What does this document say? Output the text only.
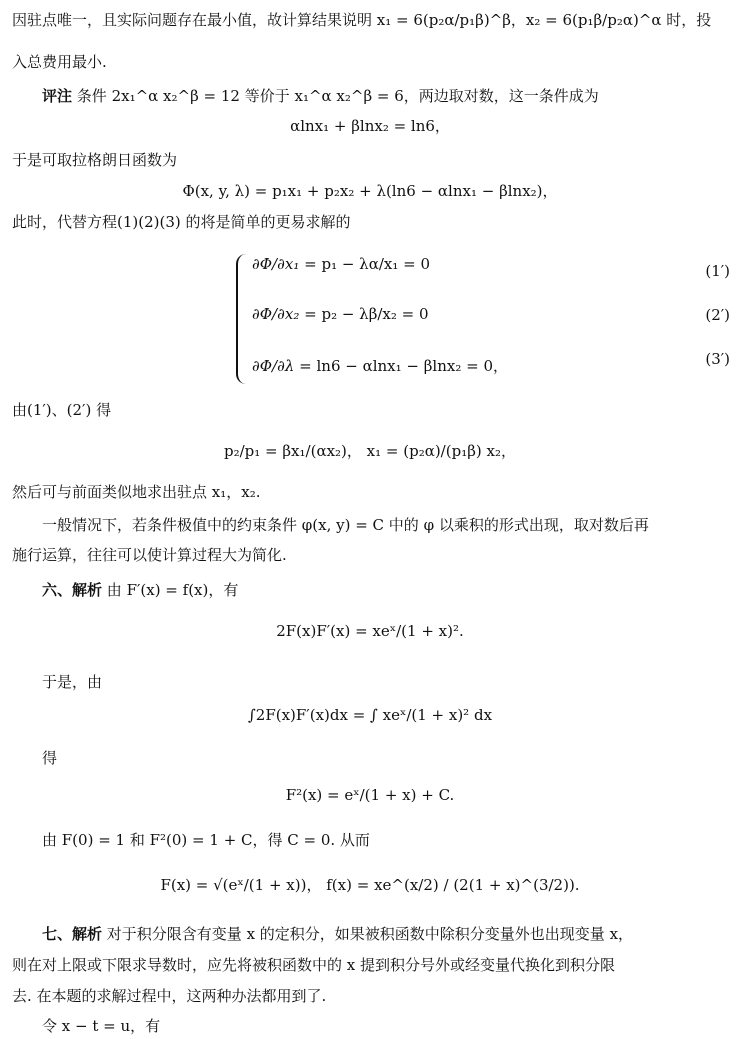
因驻点唯一，且实际问题存在最小值，故计算结果说明 x₁ = 6(p₂α/p₁β)^β，x₂ = 6(p₁β/p₂α)^α 时，投
入总费用最小.
评注 条件 2x₁^α x₂^β = 12 等价于 x₁^α x₂^β = 6，两边取对数，这一条件成为
αlnx₁ + βlnx₂ = ln6，
于是可取拉格朗日函数为
Φ(x, y, λ) = p₁x₁ + p₂x₂ + λ(ln6 − αlnx₁ − βlnx₂)，
此时，代替方程(1)(2)(3) 的将是简单的更易求解的
∂Φ/∂x₁ = p₁ − λα/x₁ = 0	(1′)
∂Φ/∂x₂ = p₂ − λβ/x₂ = 0	(2′)
∂Φ/∂λ = ln6 − αlnx₁ − βlnx₂ = 0，	(3′)
由(1′)、(2′) 得
p₂/p₁ = βx₁/(αx₂)， x₁ = (p₂α)/(p₁β) x₂，
然后可与前面类似地求出驻点 x₁，x₂.
一般情况下，若条件极值中的约束条件 φ(x, y) = C 中的 φ 以乘积的形式出现，取对数后再
施行运算，往往可以使计算过程大为简化.
六、解析 由 F′(x) = f(x)，有
2F(x)F′(x) = xeˣ/(1 + x)².
于是，由
∫2F(x)F′(x)dx = ∫ xeˣ/(1 + x)² dx
得
F²(x) = eˣ/(1 + x) + C.
由 F(0) = 1 和 F²(0) = 1 + C，得 C = 0. 从而
F(x) = √(eˣ/(1 + x))， f(x) = xe^(x/2) / (2(1 + x)^(3/2)).
七、解析 对于积分限含有变量 x 的定积分，如果被积函数中除积分变量外也出现变量 x，
则在对上限或下限求导数时，应先将被积函数中的 x 提到积分号外或经变量代换化到积分限
去. 在本题的求解过程中，这两种办法都用到了.
令 x − t = u，有
